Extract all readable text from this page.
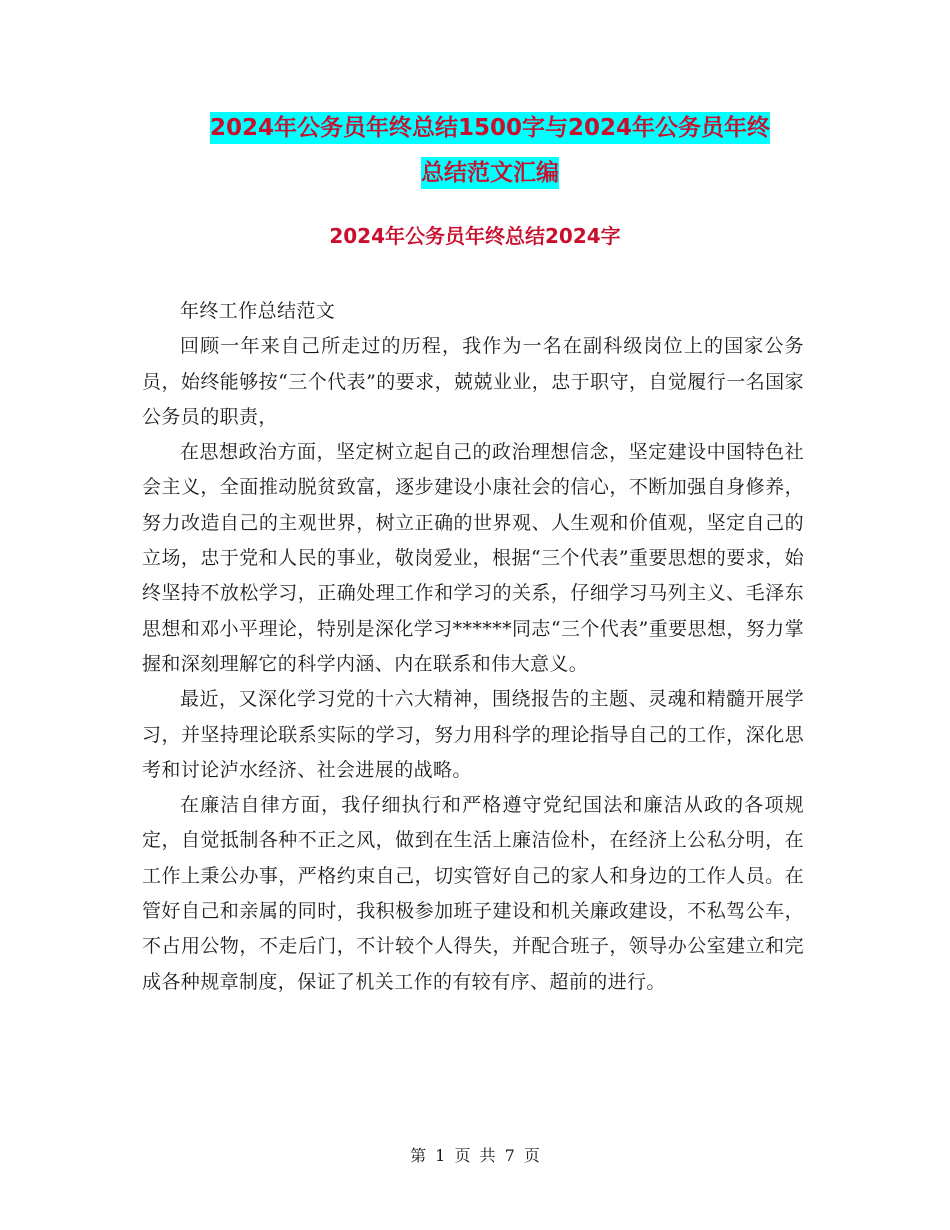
2024年公务员年终总结1500字与2024年公务员年终
总结范文汇编
2024年公务员年终总结2024字

年终工作总结范文

回顾一年来自己所走过的历程，我作为一名在副科级岗位上的国家公务员，始终能够按“三个代表”的要求，兢兢业业，忠于职守，自觉履行一名国家公务员的职责，

在思想政治方面，坚定树立起自己的政治理想信念，坚定建设中国特色社会主义，全面推动脱贫致富，逐步建设小康社会的信心，不断加强自身修养，努力改造自己的主观世界，树立正确的世界观、人生观和价值观，坚定自己的立场，忠于党和人民的事业，敬岗爱业，根据“三个代表”重要思想的要求，始终坚持不放松学习，正确处理工作和学习的关系，仔细学习马列主义、毛泽东思想和邓小平理论，特别是深化学习******同志“三个代表”重要思想，努力掌握和深刻理解它的科学内涵、内在联系和伟大意义。

最近，又深化学习党的十六大精神，围绕报告的主题、灵魂和精髓开展学习，并坚持理论联系实际的学习，努力用科学的理论指导自己的工作，深化思考和讨论泸水经济、社会进展的战略。

在廉洁自律方面，我仔细执行和严格遵守党纪国法和廉洁从政的各项规定，自觉抵制各种不正之风，做到在生活上廉洁俭朴，在经济上公私分明，在工作上秉公办事，严格约束自己，切实管好自己的家人和身边的工作人员。在管好自己和亲属的同时，我积极参加班子建设和机关廉政建设，不私驾公车，不占用公物，不走后门，不计较个人得失，并配合班子，领导办公室建立和完成各种规章制度，保证了机关工作的有较有序、超前的进行。

第 1 页 共 7 页
